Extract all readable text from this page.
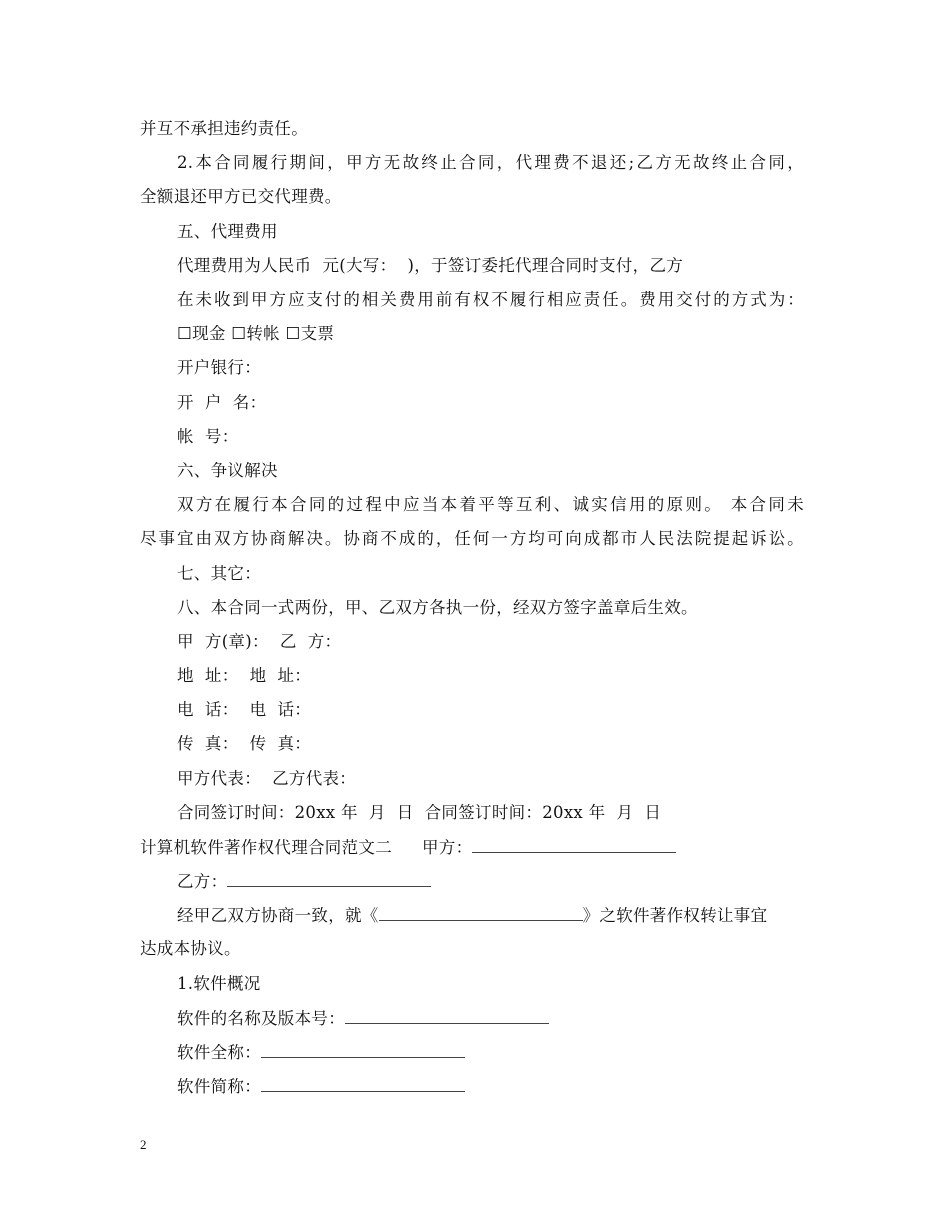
并互不承担违约责任。
2.本合同履行期间，甲方无故终止合同，代理费不退还;乙方无故终止合同，
全额退还甲方已交代理费。
五、代理费用
代理费用为人民币  元(大写：  )，于签订委托代理合同时支付，乙方
在未收到甲方应支付的相关费用前有权不履行相应责任。费用交付的方式为：
☐现金 ☐转帐 ☐支票
开户银行：
开  户  名：
帐  号：
六、争议解决
双方在履行本合同的过程中应当本着平等互利、诚实信用的原则。 本合同未
尽事宜由双方协商解决。协商不成的，任何一方均可向成都市人民法院提起诉讼。
七、其它：
八、本合同一式两份，甲、乙双方各执一份，经双方签字盖章后生效。
甲  方(章)：  乙  方：
地  址：  地  址：
电  话：  电  话：
传  真：  传  真：
甲方代表：  乙方代表：
合同签订时间：20xx 年  月  日  合同签订时间：20xx 年  月  日
计算机软件著作权代理合同范文二 甲方：
乙方：
经甲乙双方协商一致，就《	》之软件著作权转让事宜
达成本协议。
1.软件概况
软件的名称及版本号：
软件全称：
软件简称：
2
